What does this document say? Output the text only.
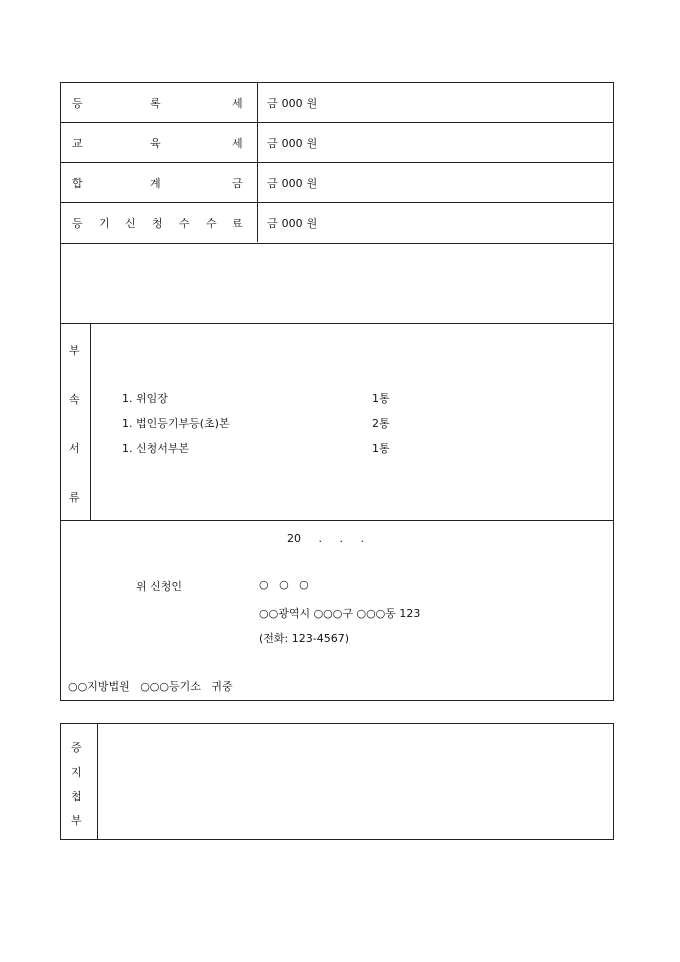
등	록	세 금 000 원
교	육	세 금 000 원
합	계	금 금 000 원
등 기 신 청 수 수 료 금 000 원
부
속
서
류
1. 위임장	1통
1. 법인등기부등(초)본	2통
1. 신청서부본	1통
20     .     .     .
위 신청인	○   ○   ○
○○광역시 ○○○구 ○○○동 123
(전화: 123-4567)
○○지방법원   ○○○등기소   귀중
증
지
첩
부
